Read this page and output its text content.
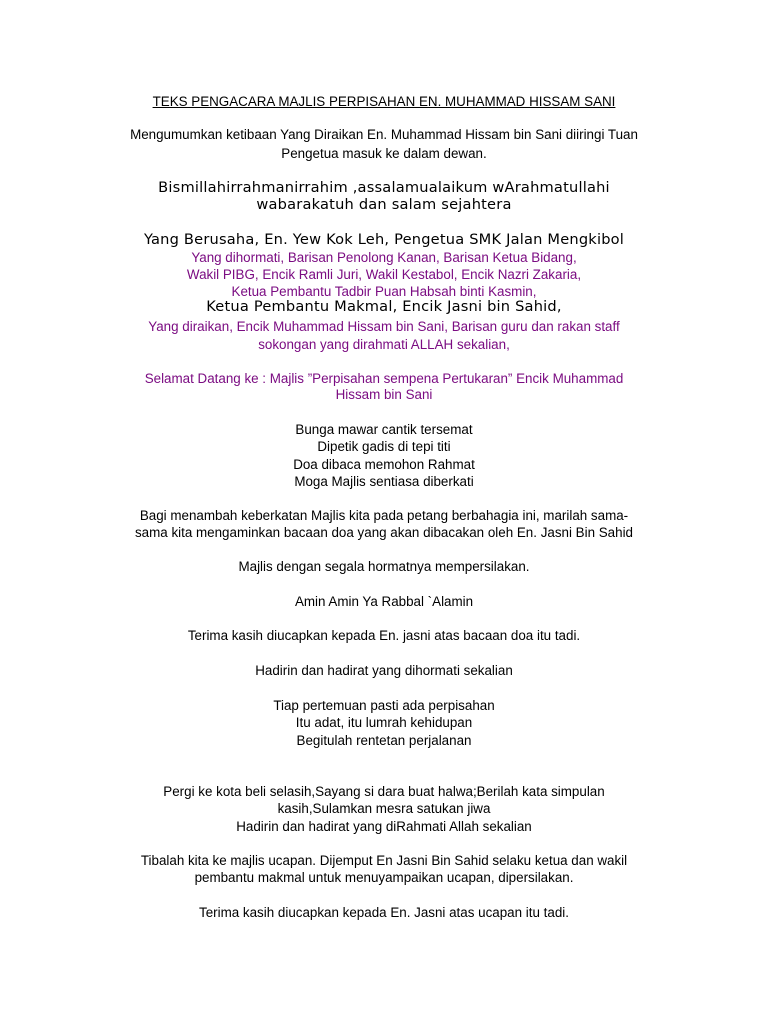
TEKS PENGACARA MAJLIS PERPISAHAN EN. MUHAMMAD HISSAM SANI
Mengumumkan ketibaan Yang Diraikan En. Muhammad Hissam bin Sani diiringi Tuan
Pengetua masuk ke dalam dewan.
Bismillahirrahmanirrahim ,assalamualaikum wArahmatullahi
wabarakatuh dan salam sejahtera
Yang Berusaha, En. Yew Kok Leh, Pengetua SMK Jalan Mengkibol
Yang dihormati, Barisan Penolong Kanan, Barisan Ketua Bidang,
Wakil PIBG, Encik Ramli Juri, Wakil Kestabol, Encik Nazri Zakaria,
Ketua Pembantu Tadbir Puan Habsah binti Kasmin,
Ketua Pembantu Makmal, Encik Jasni bin Sahid,
Yang diraikan, Encik Muhammad Hissam bin Sani, Barisan guru dan rakan staff
sokongan yang dirahmati ALLAH sekalian,
Selamat Datang ke : Majlis ”Perpisahan sempena Pertukaran” Encik Muhammad
Hissam bin Sani
Bunga mawar cantik tersemat
Dipetik gadis di tepi titi
Doa dibaca memohon Rahmat
Moga Majlis sentiasa diberkati
Bagi menambah keberkatan Majlis kita pada petang berbahagia ini, marilah sama-
sama kita mengaminkan bacaan doa yang akan dibacakan oleh En. Jasni Bin Sahid
Majlis dengan segala hormatnya mempersilakan.
Amin Amin Ya Rabbal `Alamin
Terima kasih diucapkan kepada En. jasni atas bacaan doa itu tadi.
Hadirin dan hadirat yang dihormati sekalian
Tiap pertemuan pasti ada perpisahan
Itu adat, itu lumrah kehidupan
Begitulah rentetan perjalanan
Pergi ke kota beli selasih,Sayang si dara buat halwa;Berilah kata simpulan
kasih,Sulamkan mesra satukan jiwa
Hadirin dan hadirat yang diRahmati Allah sekalian
Tibalah kita ke majlis ucapan. Dijemput En Jasni Bin Sahid selaku ketua dan wakil
pembantu makmal untuk menuyampaikan ucapan, dipersilakan.
Terima kasih diucapkan kepada En. Jasni atas ucapan itu tadi.
